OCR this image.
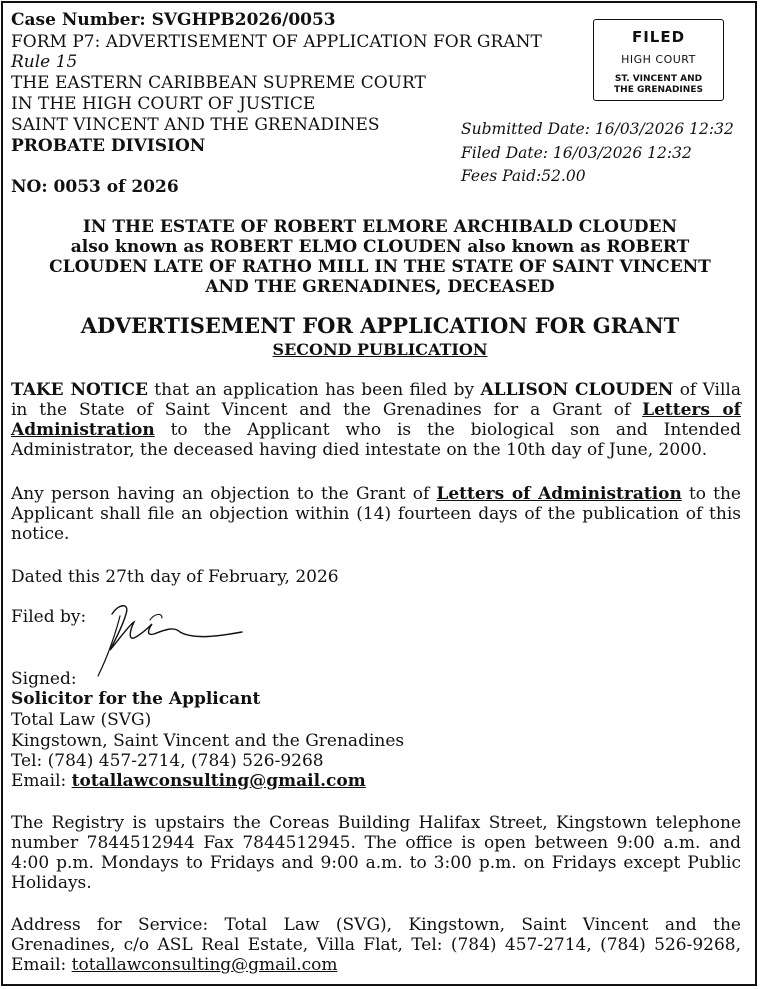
Case Number: SVGHPB2026/0053
FORM P7: ADVERTISEMENT OF APPLICATION FOR GRANT
Rule 15
THE EASTERN CARIBBEAN SUPREME COURT
IN THE HIGH COURT OF JUSTICE
SAINT VINCENT AND THE GRENADINES
PROBATE DIVISION
NO: 0053 of 2026
FILED
HIGH COURT
ST. VINCENT AND
THE GRENADINES
Submitted Date: 16/03/2026 12:32
Filed Date: 16/03/2026 12:32
Fees Paid:52.00
IN THE ESTATE OF ROBERT ELMORE ARCHIBALD CLOUDEN
also known as ROBERT ELMO CLOUDEN also known as ROBERT
CLOUDEN LATE OF RATHO MILL IN THE STATE OF SAINT VINCENT
AND THE GRENADINES, DECEASED
ADVERTISEMENT FOR APPLICATION FOR GRANT
SECOND PUBLICATION
TAKE NOTICE that an application has been filed by ALLISON CLOUDEN of Villa in the State of Saint Vincent and the Grenadines for a Grant of Letters of Administration to the Applicant who is the biological son and Intended Administrator, the deceased having died intestate on the 10th day of June, 2000.
Any person having an objection to the Grant of Letters of Administration to the Applicant shall file an objection within (14) fourteen days of the publication of this notice.
Dated this 27th day of February, 2026
Filed by:
Signed:
Solicitor for the Applicant
Total Law (SVG)
Kingstown, Saint Vincent and the Grenadines
Tel: (784) 457-2714, (784) 526-9268
Email: totallawconsulting@gmail.com
The Registry is upstairs the Coreas Building Halifax Street, Kingstown telephone number 7844512944 Fax 7844512945. The office is open between 9:00 a.m. and 4:00 p.m. Mondays to Fridays and 9:00 a.m. to 3:00 p.m. on Fridays except Public Holidays.
Address for Service: Total Law (SVG), Kingstown, Saint Vincent and the Grenadines, c/o ASL Real Estate, Villa Flat, Tel: (784) 457-2714, (784) 526-9268, Email: totallawconsulting@gmail.com
